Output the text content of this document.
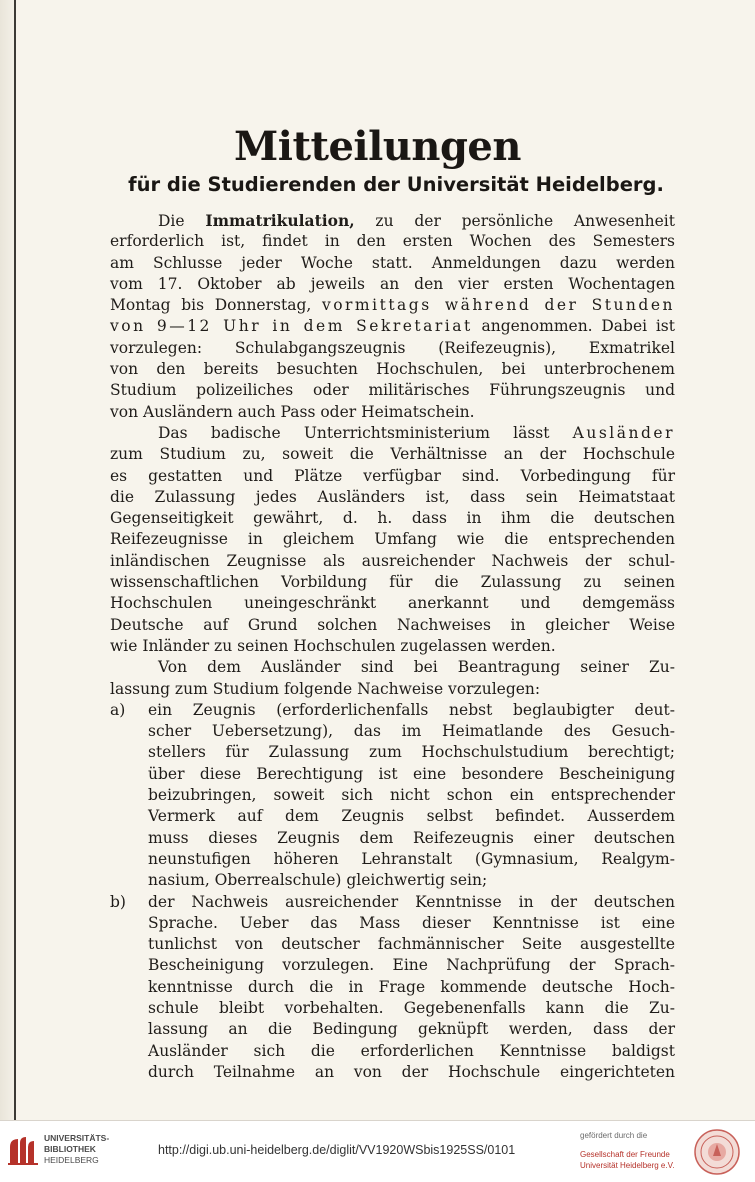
Mitteilungen
für die Studierenden der Universität Heidelberg.
Die Immatrikulation, zu der persönliche Anwesenheit
erforderlich ist, findet in den ersten Wochen des Semesters
am Schlusse jeder Woche statt. Anmeldungen dazu werden
vom 17. Oktober ab jeweils an den vier ersten Wochentagen
Montag bis Donnerstag, vormittags während der Stunden
von 9—12 Uhr in dem Sekretariat angenommen. Dabei ist
vorzulegen: Schulabgangszeugnis (Reifezeugnis), Exmatrikel
von den bereits besuchten Hochschulen, bei unterbrochenem
Studium polizeiliches oder militärisches Führungszeugnis und
von Ausländern auch Pass oder Heimatschein.
Das badische Unterrichtsministerium lässt Ausländer
zum Studium zu, soweit die Verhältnisse an der Hochschule
es gestatten und Plätze verfügbar sind. Vorbedingung für
die Zulassung jedes Ausländers ist, dass sein Heimatstaat
Gegenseitigkeit gewährt, d. h. dass in ihm die deutschen
Reifezeugnisse in gleichem Umfang wie die entsprechenden
inländischen Zeugnisse als ausreichender Nachweis der schul-
wissenschaftlichen Vorbildung für die Zulassung zu seinen
Hochschulen uneingeschränkt anerkannt und demgemäss
Deutsche auf Grund solchen Nachweises in gleicher Weise
wie Inländer zu seinen Hochschulen zugelassen werden.
Von dem Ausländer sind bei Beantragung seiner Zu-
lassung zum Studium folgende Nachweise vorzulegen:
a) ein Zeugnis (erforderlichenfalls nebst beglaubigter deut-
scher Uebersetzung), das im Heimatlande des Gesuch-
stellers für Zulassung zum Hochschulstudium berechtigt;
über diese Berechtigung ist eine besondere Bescheinigung
beizubringen, soweit sich nicht schon ein entsprechender
Vermerk auf dem Zeugnis selbst befindet. Ausserdem
muss dieses Zeugnis dem Reifezeugnis einer deutschen
neunstufigen höheren Lehranstalt (Gymnasium, Realgym-
nasium, Oberrealschule) gleichwertig sein;
b) der Nachweis ausreichender Kenntnisse in der deutschen
Sprache. Ueber das Mass dieser Kenntnisse ist eine
tunlichst von deutscher fachmännischer Seite ausgestellte
Bescheinigung vorzulegen. Eine Nachprüfung der Sprach-
kenntnisse durch die in Frage kommende deutsche Hoch-
schule bleibt vorbehalten. Gegebenenfalls kann die Zu-
lassung an die Bedingung geknüpft werden, dass der
Ausländer sich die erforderlichen Kenntnisse baldigst
durch Teilnahme an von der Hochschule eingerichteten
UNIVERSITÄTS-
BIBLIOTHEK
HEIDELBERG
http://digi.ub.uni-heidelberg.de/diglit/VV1920WSbis1925SS/0101
gefördert durch die
Gesellschaft der Freunde
Universität Heidelberg e.V.
